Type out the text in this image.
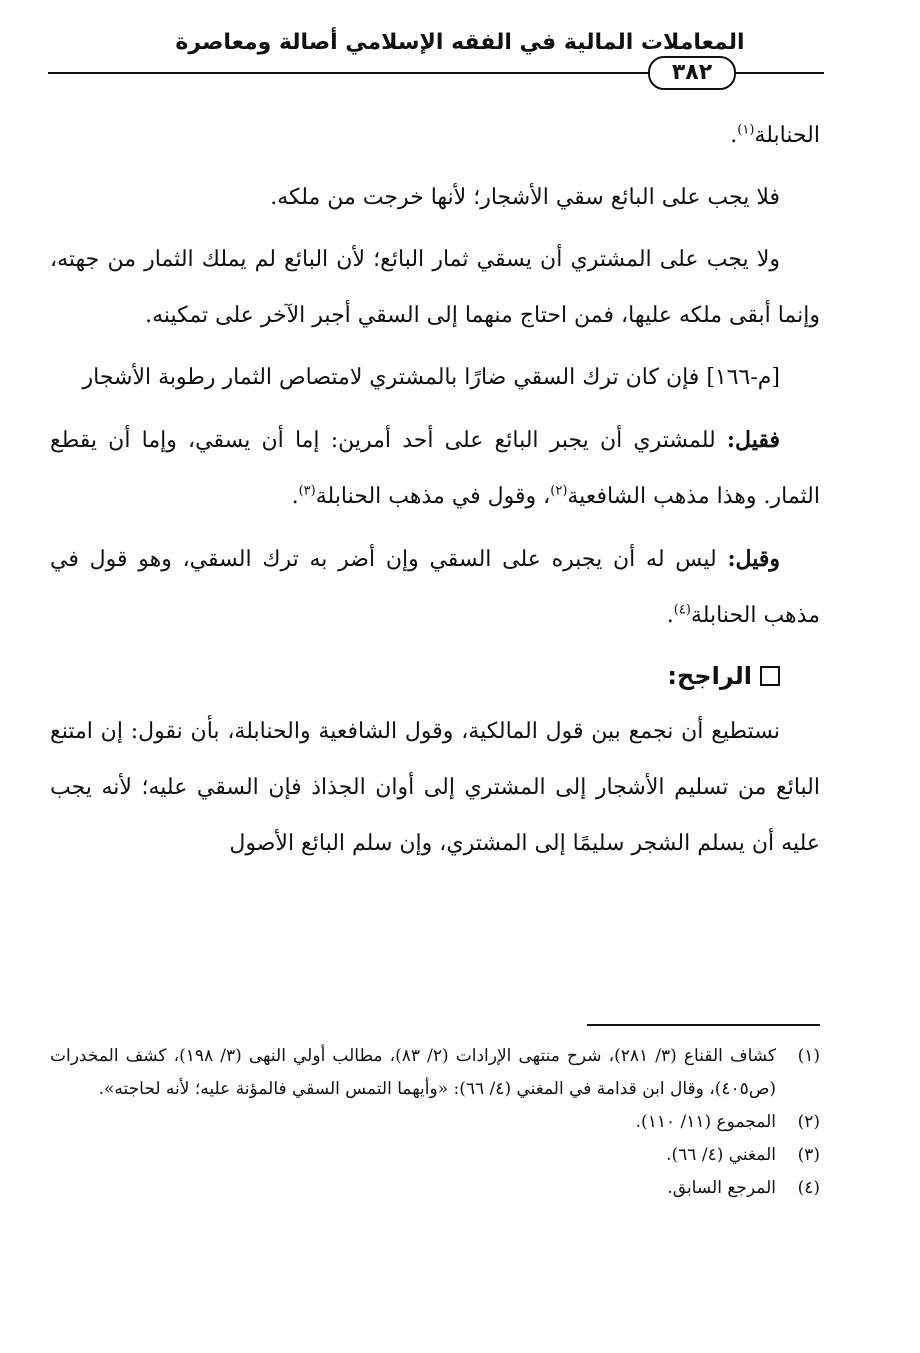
المعاملات المالية في الفقه الإسلامي أصالة ومعاصرة
٣٨٢

الحنابلة$^{(١)}$.

فلا يجب على البائع سقي الأشجار؛ لأنها خرجت من ملكه.

ولا يجب على المشتري أن يسقي ثمار البائع؛ لأن البائع لم يملك الثمار من جهته، وإنما أبقى ملكه عليها، فمن احتاج منهما إلى السقي أجبر الآخر على تمكينه.

[م-١٦٦] فإن كان ترك السقي ضارًا بالمشتري لامتصاص الثمار رطوبة الأشجار

فقيل: للمشتري أن يجبر البائع على أحد أمرين: إما أن يسقي، وإما أن يقطع الثمار. وهذا مذهب الشافعية$^{(٢)}$، وقول في مذهب الحنابلة$^{(٣)}$.

وقيل: ليس له أن يجبره على السقي وإن أضر به ترك السقي، وهو قول في مذهب الحنابلة$^{(٤)}$.

الراجح:

نستطيع أن نجمع بين قول المالكية، وقول الشافعية والحنابلة، بأن نقول: إن امتنع البائع من تسليم الأشجار إلى المشتري إلى أوان الجذاذ فإن السقي عليه؛ لأنه يجب عليه أن يسلم الشجر سليمًا إلى المشتري، وإن سلم البائع الأصول

(١)
كشاف القناع (٣/ ٢٨١)، شرح منتهى الإرادات (٢/ ٨٣)، مطالب أولي النهى (٣/ ١٩٨)، كشف المخدرات (ص٤٠٥)، وقال ابن قدامة في المغني (٤/ ٦٦): «وأيهما التمس السقي فالمؤنة عليه؛ لأنه لحاجته».
(٢)
المجموع (١١/ ١١٠).
(٣)
المغني (٤/ ٦٦).
(٤)
المرجع السابق.
